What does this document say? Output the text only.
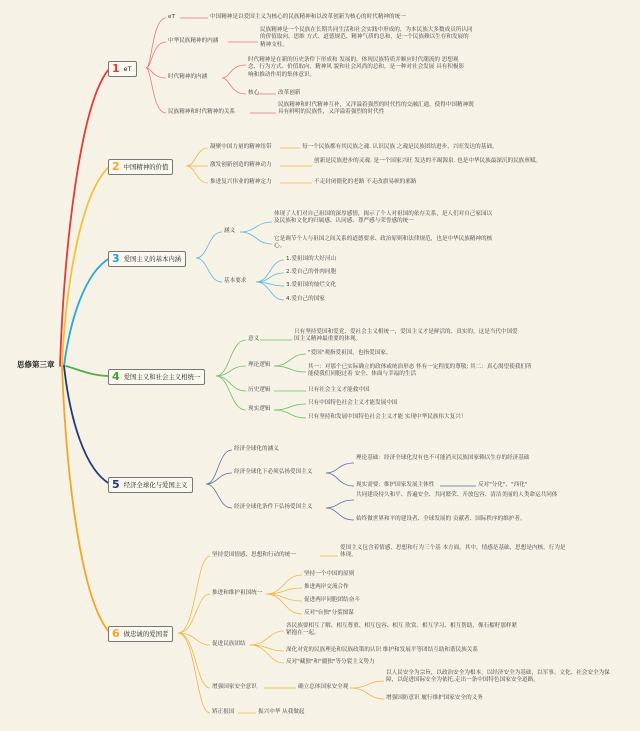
思修第三章
1 eT
eT	中国精神是以爱国主义为核心的民族精神和以改革创新为核心的时代精神的统一
中华民族精神的内涵
民族精神是一个民族在长期共同生活和社会实践中形成的，为本民族大多数成员所认同的价值取向、思维 方式、道德规范、精神气质的总和，是一个民族赖以生存和发展的精神支柱。
时代精神的内涵
时代精神是在新的历史条件下形成和 发展的，体现民族特质并顺应时代潮流的 思想观念、行为方式、价值取向、精神风 貌和社会风尚的总和，是一种对社会发展 具有积极影响和推动作用的集体意识。
核心	改革创新
民族精神和时代精神的关系
民族精神和时代精神互补，又洋溢着强烈的时代性的交融汇通，使得中国精神既具有鲜明的民族性，又洋溢着强烈的时代性
2 中国精神的价值
凝聚中国力量的精神纽带	每一个民族都有其民族之魂. 认识民族 之魂是民族团结进步、兴旺发达的基础。
激发创新创造的精神动力
创新是民族进步的灵魂. 是一个国家兴旺 发达的不竭源泉. 也是中华民族最深沉的民族禀赋。
推进复兴伟业的精神定力	不走封闭僵化的老路 不走改旗易帜的邪路
3 爱国主义的基本内涵
涵义
体现了人们对自己祖国的深厚感情，揭示了个人对祖国的依存关系，是人们对自己家园以及民族和文化的归属感、认同感、尊严感与荣誉感的统一
它是调节个人与祖国之间关系的道德要求、政治原则和法律规范，也是中华民族精神的核心。
基本要求
1.爱祖国的大好河山
2.爱自己的骨肉同胞
3.爱祖国的灿烂文化
4.爱自己的国家
4 爱国主义和社会主义相统一
意义
只有坚持爱国和爱党、爱社会主义相统一，爱国主义才是鲜活的、真实的，这是当代中国爱国主义精神最重要的体现。
理论逻辑
"爱国"观指爱祖国，也指爱国家。
其一：对那个已实际确立的政体或统治形态 怀有一定程度的尊敬; 其二：真心渴望使我们所能使我们同胞过着 安全、体面与幸福的生活
历史逻辑	只有社会主义才能救中国
现实逻辑
只有中国特色社会主义才能发展中国
只有坚持和发展中国特色社会主义才能 实现中华民族伟大复兴！
5 经济全球化与爱国主义
经济全球化的涵义
经济全球化下必须弘扬爱国主义
理论基础：经济全球化没有也不可能消灭民族国家赖以生存的经济基础
现实需要：维护国家发展主体性	反对"分化"、"西化"
经济全球化条件下弘扬爱国主义
共同建设持久和平、普遍安全、共同繁荣、开放包容、清洁美丽的人类命运共同体
始终做世界和平的建设者、全球发展的 贡献者、国际秩序的维护者。
6 做忠诚的爱国者
坚持爱国情感、思想和行动的统一
爱国主义包含着情感、思想和行为三个基 本方面。其中，情感是基础，思想是内核，行为是体现。
推进和维护祖国统一
坚持一个中国的原则
推进两岸交流合作
促进两岸同胞团结奋斗
反对"台独"分裂图谋
促进民族团结
各民族要相互了解、相互尊重、相互包容、相互 欣赏、相互学习、相互帮助，像石榴籽那样紧紧抱在一起。
深化对党的民族理论和民族政策的认识 维护和发展平等团结互助和谐民族关系
反对"藏独"和"疆独"等分裂主义势力
增强国家安全意识	确立总体国家安全观
以人民安全为宗旨，以政治安全为根本，以经济安全为基础，以军事、文化、社会安全为保障，以促进国际安全为依托,走出一条中国特色国家安全道路。
增强国防意识 履行维护国家安全的义务
矫正报国	振兴中华 从我做起
